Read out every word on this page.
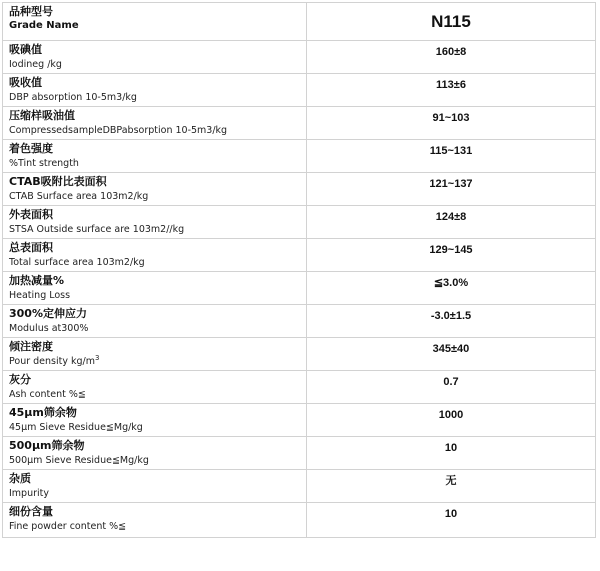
品种型号
Grade Name	N115

吸碘值
Iodineg /kg	160±8

吸收值
DBP absorption 10-5m3/kg	113±6

压缩样吸油值
CompressedsampleDBPabsorption 10-5m3/kg	91~103

着色强度
%Tint strength	115~131

CTAB吸附比表面积
CTAB Surface area 103m2/kg	121~137

外表面积
STSA Outside surface are 103m2//kg	124±8

总表面积
Total surface area 103m2/kg	129~145

加热减量%
Heating Loss	≦3.0%

300%定伸应力
Modulus at300%	-3.0±1.5

倾注密度
Pour density $kg/m^3$	345±40

灰分
Ash content %≦	0.7

45μm筛余物
45μm Sieve Residue≦Mg/kg	1000

500μm筛余物
500μm Sieve Residue≦Mg/kg	10

杂质
Impurity	无

细份含量
Fine powder content %≦	10
